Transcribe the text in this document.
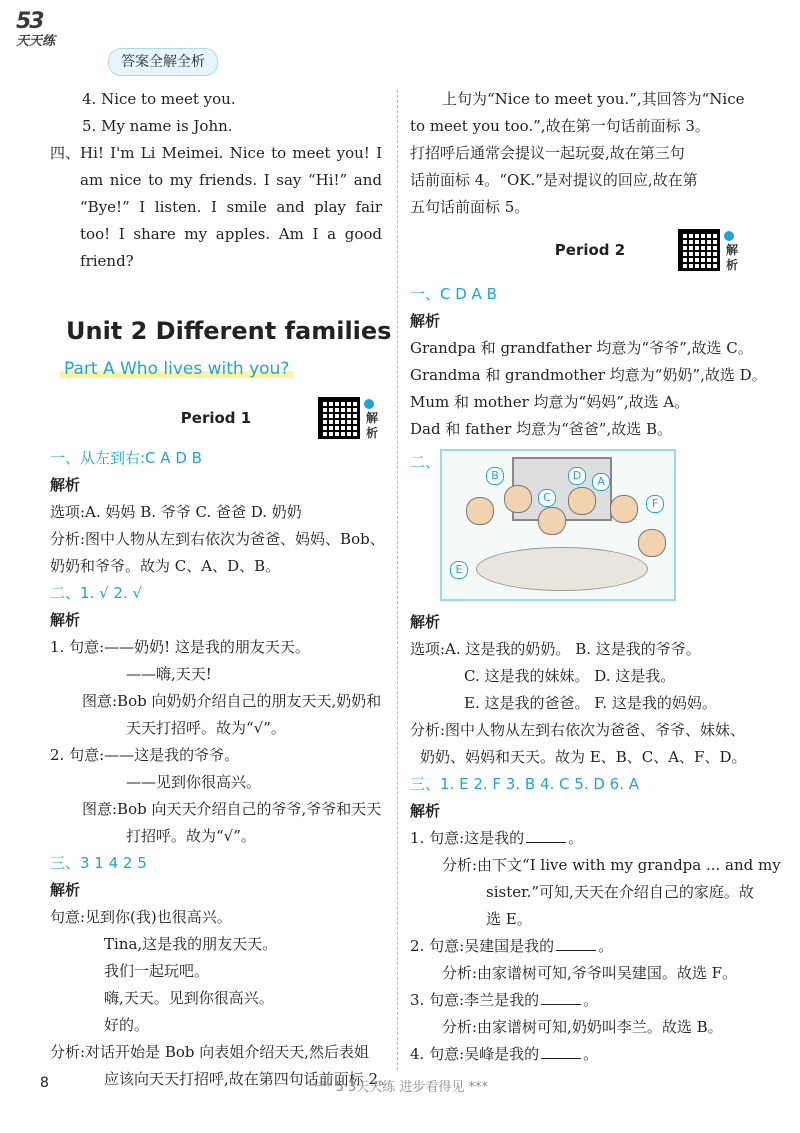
53
天天练
答案全解全析

4. Nice to meet you.

5. My name is John.

四、 Hi! I'm Li Meimei. Nice to meet you! I am nice to my friends. I say “Hi!” and “Bye!” I listen. I smile and play fair too! I share my apples. Am I a good friend?

Unit 2 Different families
Part A Who lives with you?
Period 1	解析

一、从左到右:C A D B

解析

选项:A. 妈妈 B. 爷爷 C. 爸爸 D. 奶奶

分析:图中人物从左到右依次为爸爸、妈妈、Bob、

奶奶和爷爷。故为 C、A、D、B。

二、1. √ 2. √

解析

1. 句意:——奶奶! 这是我的朋友天天。

——嗨,天天!

图意:Bob 向奶奶介绍自己的朋友天天,奶奶和

天天打招呼。故为“√”。

2. 句意:——这是我的爷爷。

——见到你很高兴。

图意:Bob 向天天介绍自己的爷爷,爷爷和天天

打招呼。故为“√”。

三、3 1 4 2 5

解析

句意:见到你(我)也很高兴。

Tina,这是我的朋友天天。

我们一起玩吧。

嗨,天天。见到你很高兴。

好的。

分析:对话开始是 Bob 向表姐介绍天天,然后表姐

应该向天天打招呼,故在第四句话前面标 2。

上句为“Nice to meet you.”,其回答为“Nice

to meet you too.”,故在第一句话前面标 3。

打招呼后通常会提议一起玩耍,故在第三句

话前面标 4。“OK.”是对提议的回应,故在第

五句话前面标 5。

Period 2	解析

一、C D A B

解析

Grandpa 和 grandfather 均意为“爷爷”,故选 C。

Grandma 和 grandmother 均意为“奶奶”,故选 D。

Mum 和 mother 均意为“妈妈”,故选 A。

Dad 和 father 均意为“爸爸”,故选 B。

二、
B
C
D	A
F
E

解析

选项:A. 这是我的奶奶。 B. 这是我的爷爷。

C. 这是我的妹妹。 D. 这是我。

E. 这是我的爸爸。 F. 这是我的妈妈。

分析:图中人物从左到右依次为爸爸、爷爷、妹妹、

奶奶、妈妈和天天。故为 E、B、C、A、F、D。

三、1. E 2. F 3. B 4. C 5. D 6. A

解析

1. 句意:这是我的	。

分析:由下文“I live with my grandpa ... and my

sister.”可知,天天在介绍自己的家庭。故

选 E。

2. 句意:吴建国是我的	。

分析:由家谱树可知,爷爷叫吴建国。故选 F。

3. 句意:李兰是我的	。

分析:由家谱树可知,奶奶叫李兰。故选 B。

4. 句意:吴峰是我的	。

8	*** 5·3天天练 进步看得见 ***
